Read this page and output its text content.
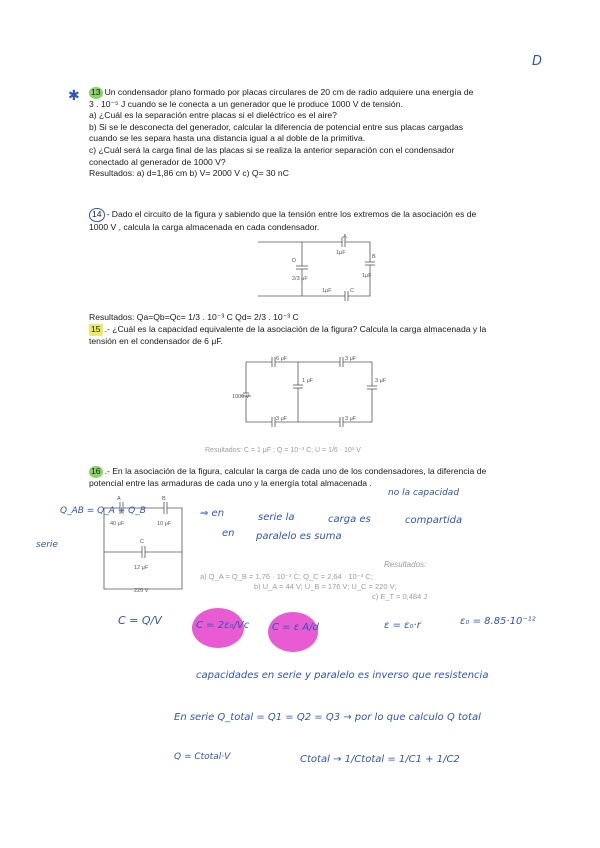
D
✱ 13 Un condensador plano formado por placas circulares de 20 cm de radio adquiere una energía de

3 . 10⁻⁵ J cuando se le conecta a un generador que le produce 1000 V de tensión.

a) ¿Cuál es la separación entre placas si el dieléctrico es el aire?

b) Si se le desconecta del generador, calcular la diferencia de potencial entre sus placas cargadas

cuando se les separa hasta una distancia igual a al doble de la primitiva.

c) ¿Cuál será la carga final de las placas si se realiza la anterior separación con el condensador

conectado al generador de 1000 V?

Resultados: a) d=1,86 cm b) V= 2000 V c) Q= 30 nC

14 - Dado el circuito de la figura y sabiendo que la tensión entre los extremos de la asociación es de

1000 V , calcula la carga almacenada en cada condensador.

A
1μF
B
1μF
D
2/3 μF
1μF	C

Resultados: Qa=Qb=Qc= 1/3 . 10⁻³ C Qd= 2/3 . 10⁻³ C

15 .- ¿Cuál es la capacidad equivalente de la asociación de la figura? Calcula la carga almacenada y la

tensión en el condensador de 6 μF.

6 μF	3 μF
1 μF	3 μF
3 μF	3 μF
1000 V
Resultados: C = 1 μF ; Q = 10⁻³ C; U = 1/6 · 10³ V

16 .- En la asociación de la figura, calcular la carga de cada uno de los condensadores, la diferencia de

potencial entre las armaduras de cada uno y la energía total almacenada .

A	B
40 μF	10 μF
C
12 μF
220 V
Resultados:
a) Q_A = Q_B = 1,76 · 10⁻³ C; Q_C = 2,64 · 10⁻³ C;
b) U_A = 44 V; U_B = 176 V; U_C = 220 V;
c) E_T = 0,484 J
Q_AB = Q_A + Q_B
serie
⇒ en	serie la	carga es	compartida
no la capacidad
en paralelo es suma
C = Q/V	C = 2ε₀/Vc C = ε A/d	ε = ε₀·r	ε₀ = 8.85·10⁻¹²
capacidades en serie y paralelo es inverso que resistencia
En serie Q_total = Q1 = Q2 = Q3 → por lo que calculo Q total
Q = Ctotal·V	Ctotal → 1/Ctotal = 1/C1 + 1/C2
